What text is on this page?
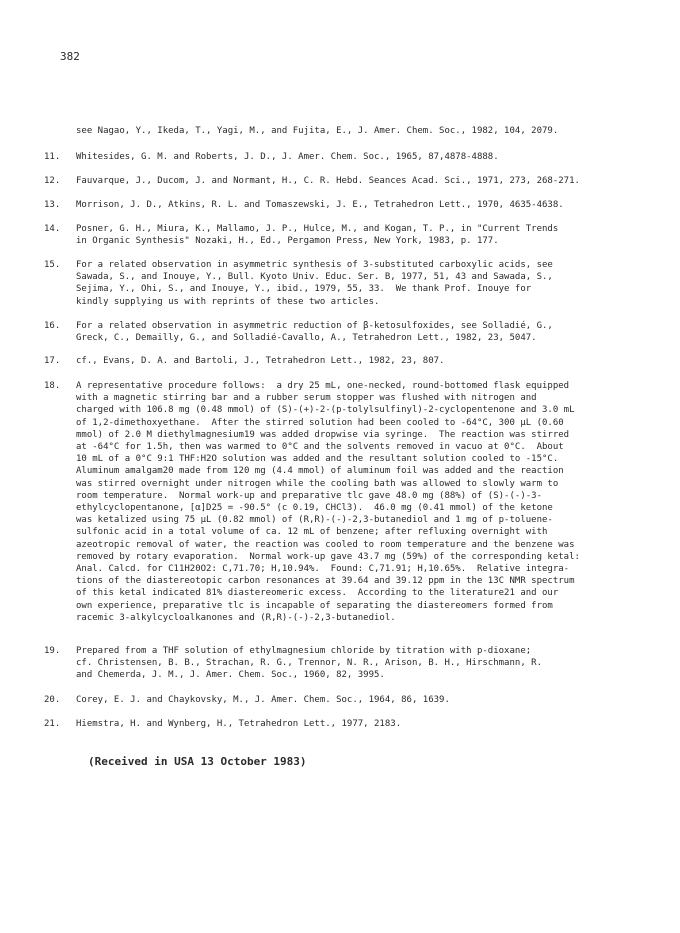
382
see Nagao, Y., Ikeda, T., Yagi, M., and Fujita, E., J. Amer. Chem. Soc., 1982, 104, 2079.
11.	Whitesides, G. M. and Roberts, J. D., J. Amer. Chem. Soc., 1965, 87,4878-4888.
12.	Fauvarque, J., Ducom, J. and Normant, H., C. R. Hebd. Seances Acad. Sci., 1971, 273, 268-271.
13.	Morrison, J. D., Atkins, R. L. and Tomaszewski, J. E., Tetrahedron Lett., 1970, 4635-4638.
14.	Posner, G. H., Miura, K., Mallamo, J. P., Hulce, M., and Kogan, T. P., in "Current Trends
in Organic Synthesis" Nozaki, H., Ed., Pergamon Press, New York, 1983, p. 177.
15.	For a related observation in asymmetric synthesis of 3-substituted carboxylic acids, see
Sawada, S., and Inouye, Y., Bull. Kyoto Univ. Educ. Ser. B, 1977, 51, 43 and Sawada, S.,
Sejima, Y., Ohi, S., and Inouye, Y., ibid., 1979, 55, 33.  We thank Prof. Inouye for
kindly supplying us with reprints of these two articles.
16.	For a related observation in asymmetric reduction of β-ketosulfoxides, see Solladié, G.,
Greck, C., Demailly, G., and Solladié-Cavallo, A., Tetrahedron Lett., 1982, 23, 5047.
17.	cf., Evans, D. A. and Bartoli, J., Tetrahedron Lett., 1982, 23, 807.
18.	A representative procedure follows:  a dry 25 mL, one-necked, round-bottomed flask equipped
with a magnetic stirring bar and a rubber serum stopper was flushed with nitrogen and
charged with 106.8 mg (0.48 mmol) of (S)-(+)-2-(p-tolylsulfinyl)-2-cyclopentenone and 3.0 mL
of 1,2-dimethoxyethane.  After the stirred solution had been cooled to -64°C, 300 μL (0.60
mmol) of 2.0 M diethylmagnesium19 was added dropwise via syringe.  The reaction was stirred
at -64°C for 1.5h, then was warmed to 0°C and the solvents removed in vacuo at 0°C.  About
10 mL of a 0°C 9:1 THF:H2O solution was added and the resultant solution cooled to -15°C.
Aluminum amalgam20 made from 120 mg (4.4 mmol) of aluminum foil was added and the reaction
was stirred overnight under nitrogen while the cooling bath was allowed to slowly warm to
room temperature.  Normal work-up and preparative tlc gave 48.0 mg (88%) of (S)-(-)-3-
ethylcyclopentanone, [α]D25 = -90.5° (c 0.19, CHCl3).  46.0 mg (0.41 mmol) of the ketone
was ketalized using 75 μL (0.82 mmol) of (R,R)-(-)-2,3-butanediol and 1 mg of p-toluene-
sulfonic acid in a total volume of ca. 12 mL of benzene; after refluxing overnight with
azeotropic removal of water, the reaction was cooled to room temperature and the benzene was
removed by rotary evaporation.  Normal work-up gave 43.7 mg (59%) of the corresponding ketal:
Anal. Calcd. for C11H20O2: C,71.70; H,10.94%.  Found: C,71.91; H,10.65%.  Relative integra-
tions of the diastereotopic carbon resonances at 39.64 and 39.12 ppm in the 13C NMR spectrum
of this ketal indicated 81% diastereomeric excess.  According to the literature21 and our
own experience, preparative tlc is incapable of separating the diastereomers formed from
racemic 3-alkylcycloalkanones and (R,R)-(-)-2,3-butanediol.
19.	Prepared from a THF solution of ethylmagnesium chloride by titration with p-dioxane;
cf. Christensen, B. B., Strachan, R. G., Trennor, N. R., Arison, B. H., Hirschmann, R.
and Chemerda, J. M., J. Amer. Chem. Soc., 1960, 82, 3995.
20.	Corey, E. J. and Chaykovsky, M., J. Amer. Chem. Soc., 1964, 86, 1639.
21.	Hiemstra, H. and Wynberg, H., Tetrahedron Lett., 1977, 2183.
(Received in USA 13 October 1983)
